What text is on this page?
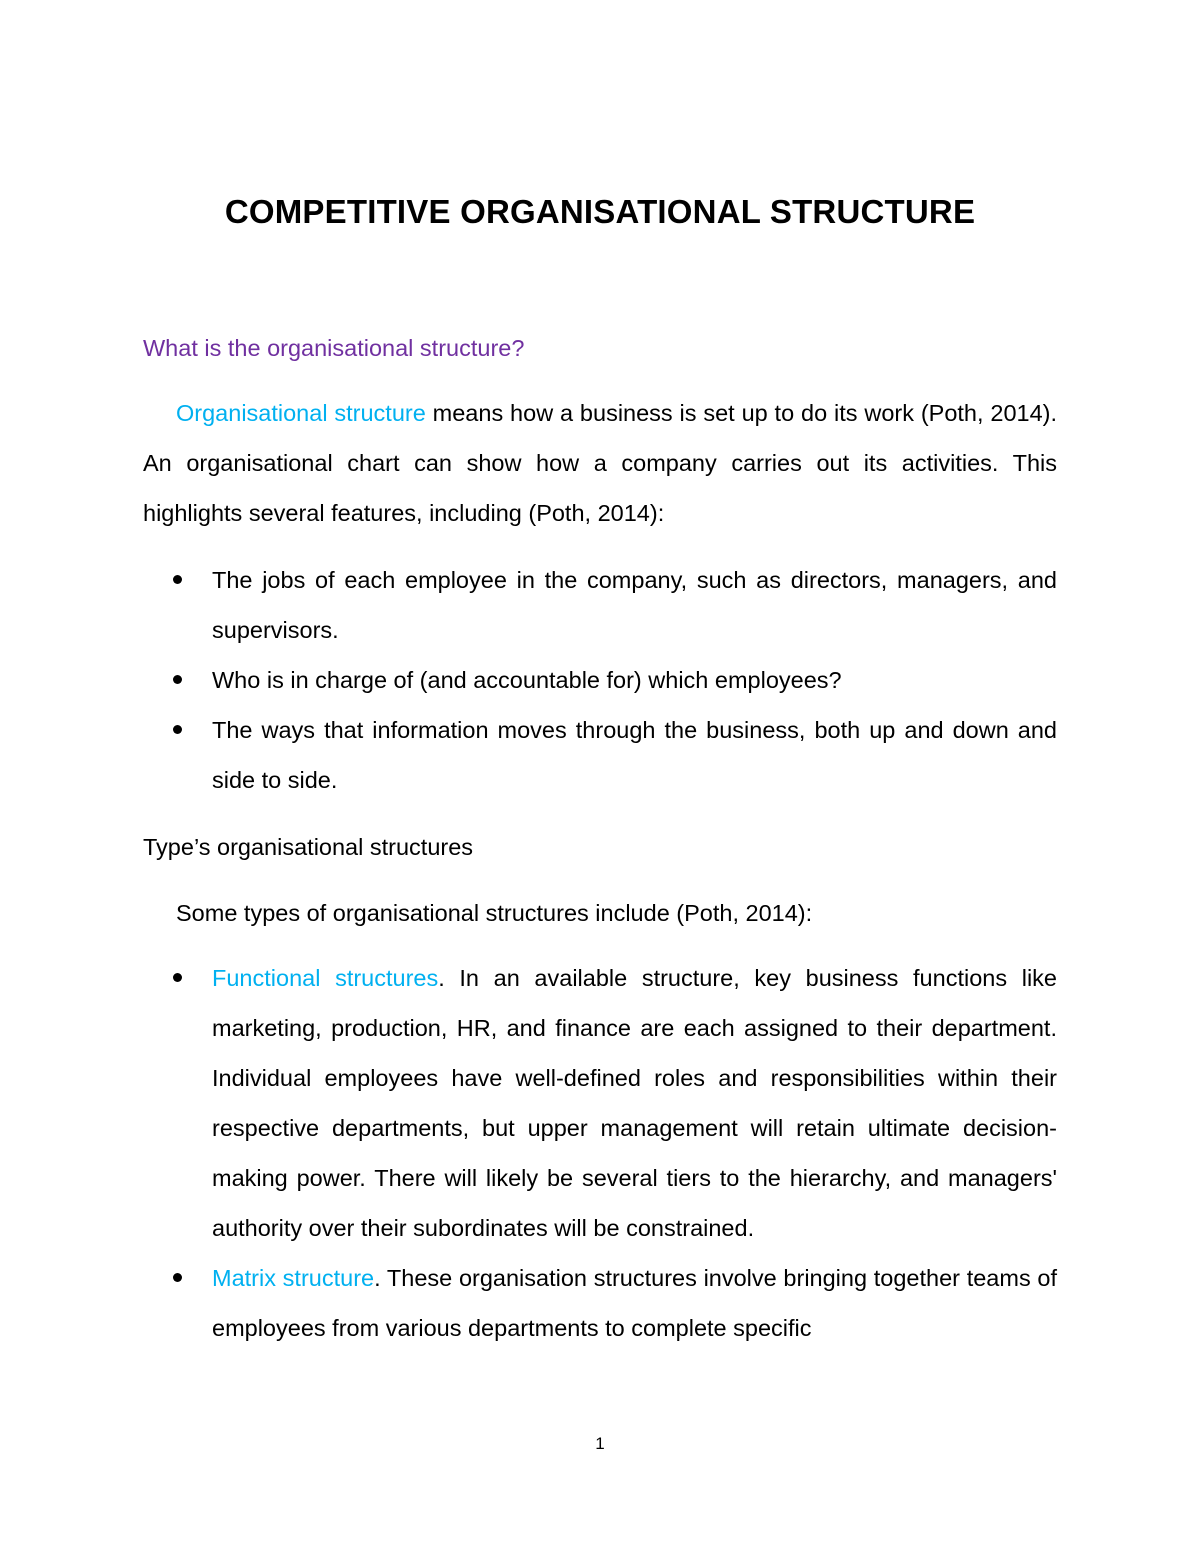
COMPETITIVE ORGANISATIONAL STRUCTURE
What is the organisational structure?
Organisational structure means how a business is set up to do its work (Poth, 2014). An organisational chart can show how a company carries out its activities. This highlights several features, including (Poth, 2014):
The jobs of each employee in the company, such as directors, managers, and supervisors.
Who is in charge of (and accountable for) which employees?
The ways that information moves through the business, both up and down and side to side.
Type’s organisational structures
Some types of organisational structures include (Poth, 2014):
Functional structures. In an available structure, key business functions like marketing, production, HR, and finance are each assigned to their department. Individual employees have well-defined roles and responsibilities within their respective departments, but upper management will retain ultimate decision-making power. There will likely be several tiers to the hierarchy, and managers' authority over their subordinates will be constrained.
Matrix structure. These organisation structures involve bringing together teams of employees from various departments to complete specific
1
